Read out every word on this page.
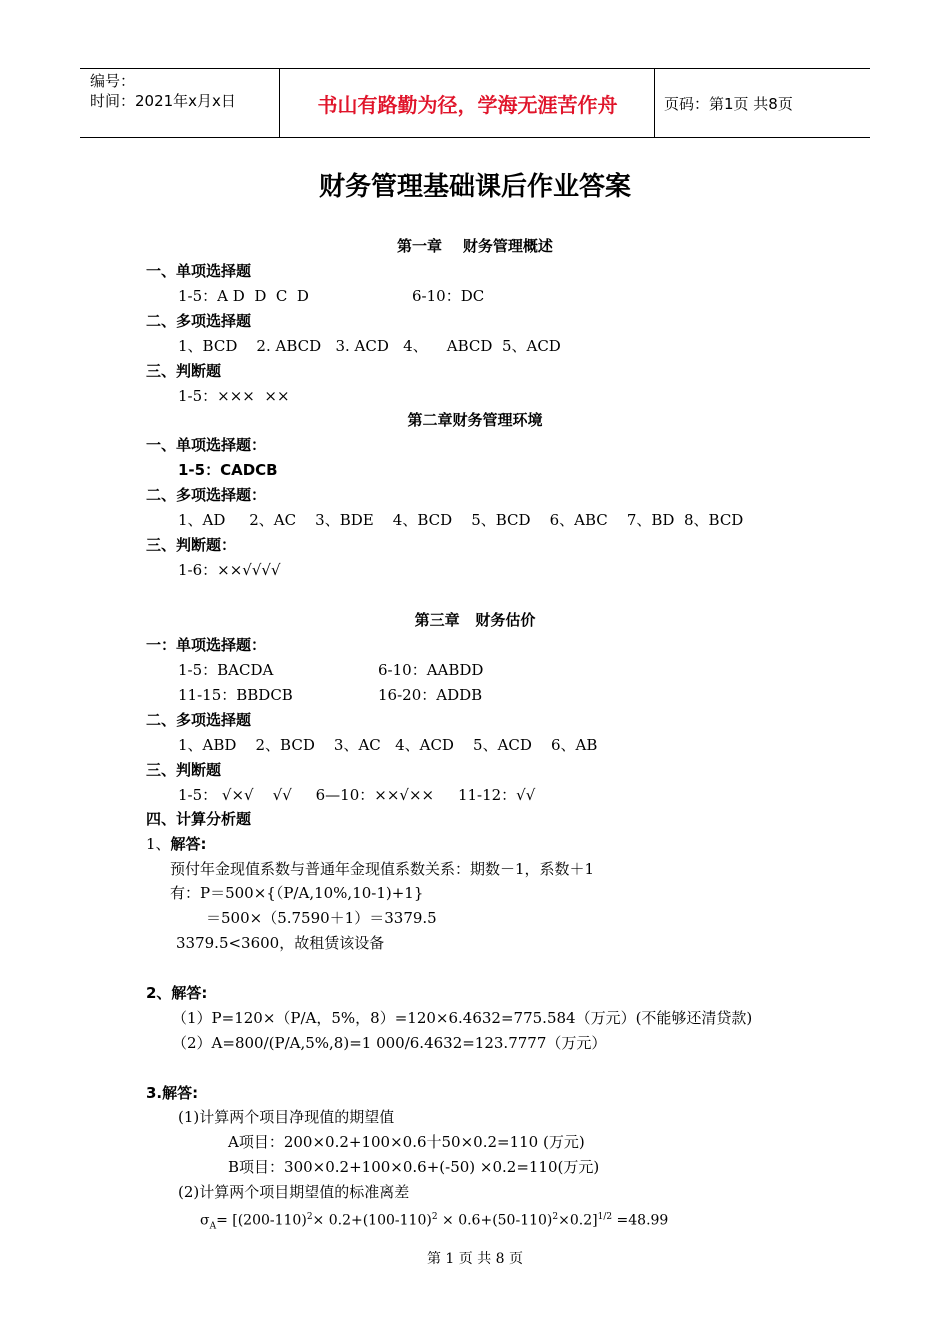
编号：
时间：2021年x月x日	书山有路勤为径，学海无涯苦作舟	页码：第1页 共8页
财务管理基础课后作业答案
第一章    财务管理概述
一、单项选择题
1-5：A D  D  C  D	6-10：DC
二、多项选择题
1、BCD    2. ABCD   3. ACD   4、    ABCD  5、ACD
三、判断题
1-5：×××  ××
第二章财务管理环境
一、单项选择题：
1-5：CADCB
二、多项选择题：
1、AD     2、AC    3、BDE    4、BCD    5、BCD    6、ABC    7、BD  8、BCD
三、判断题：
1-6：××√√√√
第三章   财务估价
一：单项选择题：
1-5：BACDA	6-10：AABDD
11-15：BBDCB	16-20：ADDB
二、多项选择题
1、ABD    2、BCD    3、AC   4、ACD    5、ACD    6、AB
三、判断题
1-5： √×√    √√     6—10：××√××     11-12：√√
四、计算分析题
1、解答:
预付年金现值系数与普通年金现值系数关系：期数－1，系数＋1
有：P＝500×{（P/A,10%,10-1)+1}
＝500×（5.7590＋1）＝3379.5
3379.5<3600，故租赁该设备
2、解答:
（1）P=120×（P/A，5%，8）=120×6.4632=775.584（万元）(不能够还清贷款)
（2）A=800/(P/A,5%,8)=1 000/6.4632=123.7777（万元）
3.解答:
(1)计算两个项目净现值的期望值
A项目：200×0.2+100×0.6十50×0.2=110 (万元)
B项目：300×0.2+100×0.6+(-50) ×0.2=110(万元)
(2)计算两个项目期望值的标准离差
$\sigma_A= [(200-110)^2\times 0.2+(100-110)^2 \times 0.6+(50-110)^2\times 0.2]^{1/2} =48.99$
第 1 页 共 8 页
